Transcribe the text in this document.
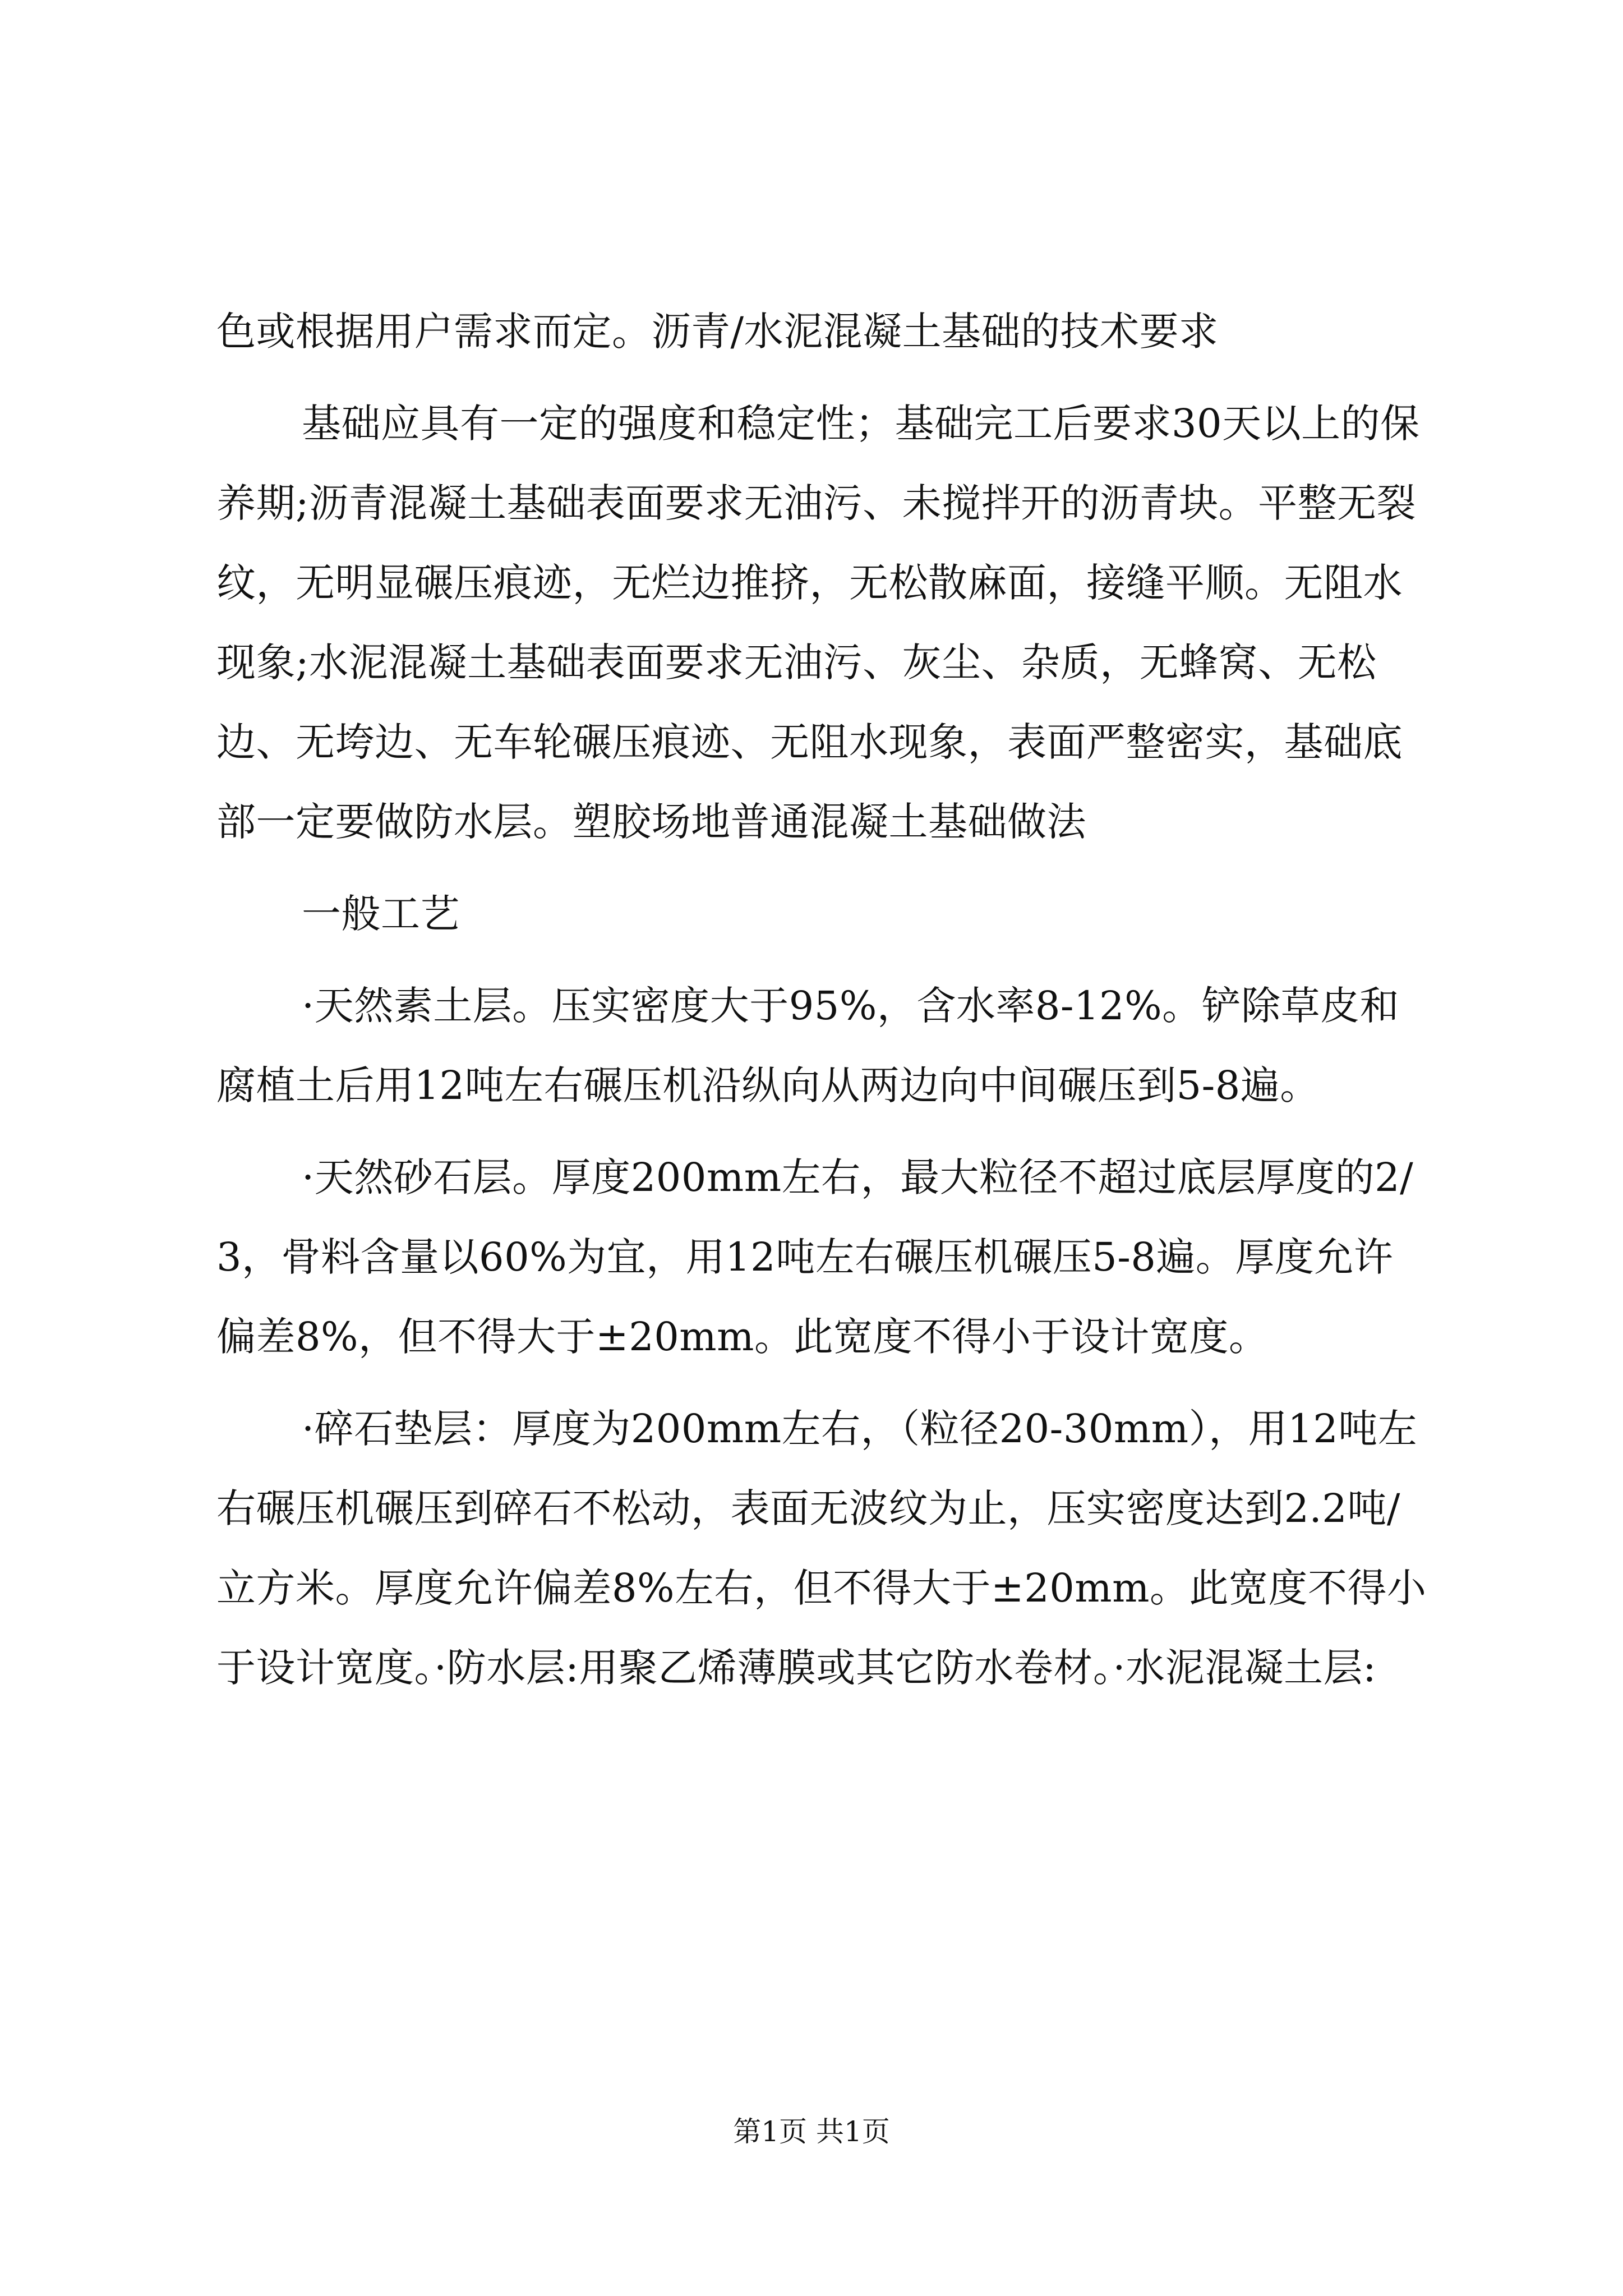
色或根据用户需求而定。沥青/水泥混凝土基础的技术要求

基础应具有一定的强度和稳定性；基础完工后要求30天以上的保养期;沥青混凝土基础表面要求无油污、未搅拌开的沥青块。平整无裂纹，无明显碾压痕迹，无烂边推挤，无松散麻面，接缝平顺。无阻水现象;水泥混凝土基础表面要求无油污、灰尘、杂质，无蜂窝、无松边、无垮边、无车轮碾压痕迹、无阻水现象，表面严整密实，基础底部一定要做防水层。塑胶场地普通混凝土基础做法

一般工艺

·天然素土层。压实密度大于95%，含水率8-12%。铲除草皮和腐植土后用12吨左右碾压机沿纵向从两边向中间碾压到5-8遍。

·天然砂石层。厚度200mm左右，最大粒径不超过底层厚度的2/3，骨料含量以60%为宜，用12吨左右碾压机碾压5-8遍。厚度允许偏差8%，但不得大于±20mm。此宽度不得小于设计宽度。

·碎石垫层：厚度为200mm左右，（粒径20-30mm），用12吨左右碾压机碾压到碎石不松动，表面无波纹为止，压实密度达到2.2吨/立方米。厚度允许偏差8%左右，但不得大于±20mm。此宽度不得小于设计宽度。·防水层:用聚乙烯薄膜或其它防水卷材。·水泥混凝土层:

第1页 共1页
